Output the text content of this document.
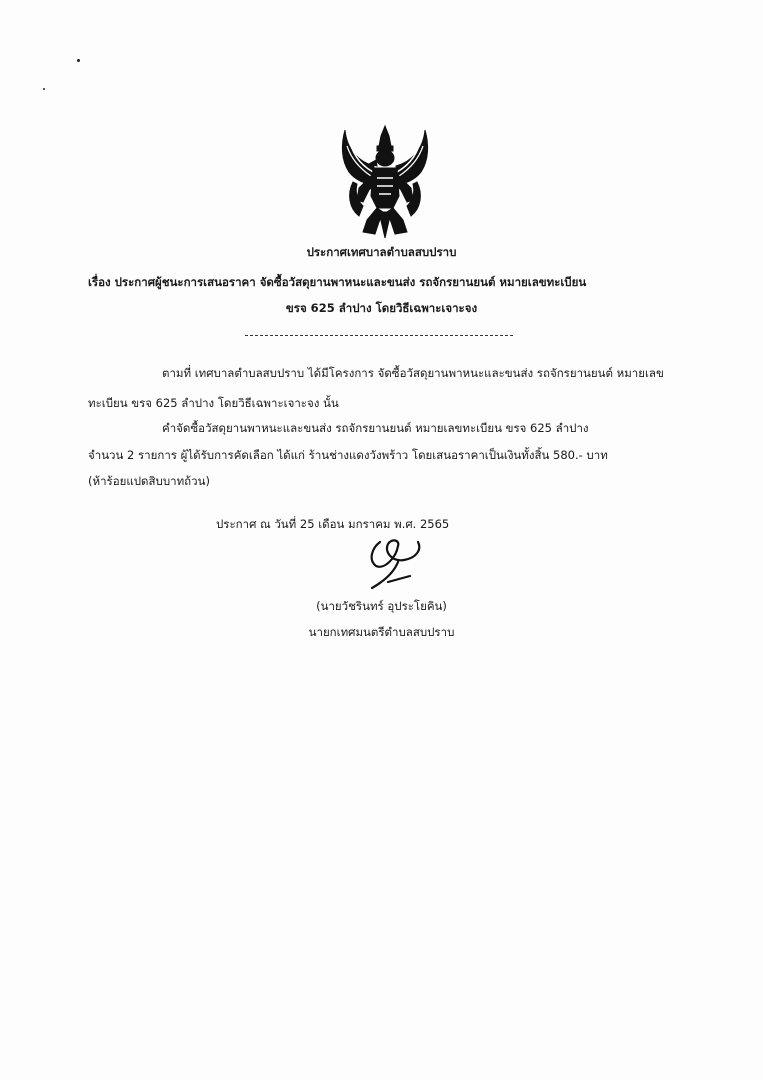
ประกาศเทศบาลตำบลสบปราบ
เรื่อง ประกาศผู้ชนะการเสนอราคา จัดซื้อวัสดุยานพาหนะและขนส่ง รถจักรยานยนต์ หมายเลขทะเบียน
ขรจ 625 ลำปาง โดยวิธีเฉพาะเจาะจง
ตามที่ เทศบาลตำบลสบปราบ ได้มีโครงการ จัดซื้อวัสดุยานพาหนะและขนส่ง รถจักรยานยนต์ หมายเลข
ทะเบียน ขรจ 625 ลำปาง โดยวิธีเฉพาะเจาะจง นั้น
คำจัดซื้อวัสดุยานพาหนะและขนส่ง รถจักรยานยนต์ หมายเลขทะเบียน ขรจ 625 ลำปาง
จำนวน 2 รายการ ผู้ได้รับการคัดเลือก ได้แก่ ร้านช่างแดงวังพร้าว โดยเสนอราคาเป็นเงินทั้งสิ้น 580.- บาท
(ห้าร้อยแปดสิบบาทถ้วน)
ประกาศ ณ วันที่ 25 เดือน มกราคม พ.ศ. 2565
(นายวัชรินทร์ อุประโยคิน)
นายกเทศมนตรีตำบลสบปราบ
